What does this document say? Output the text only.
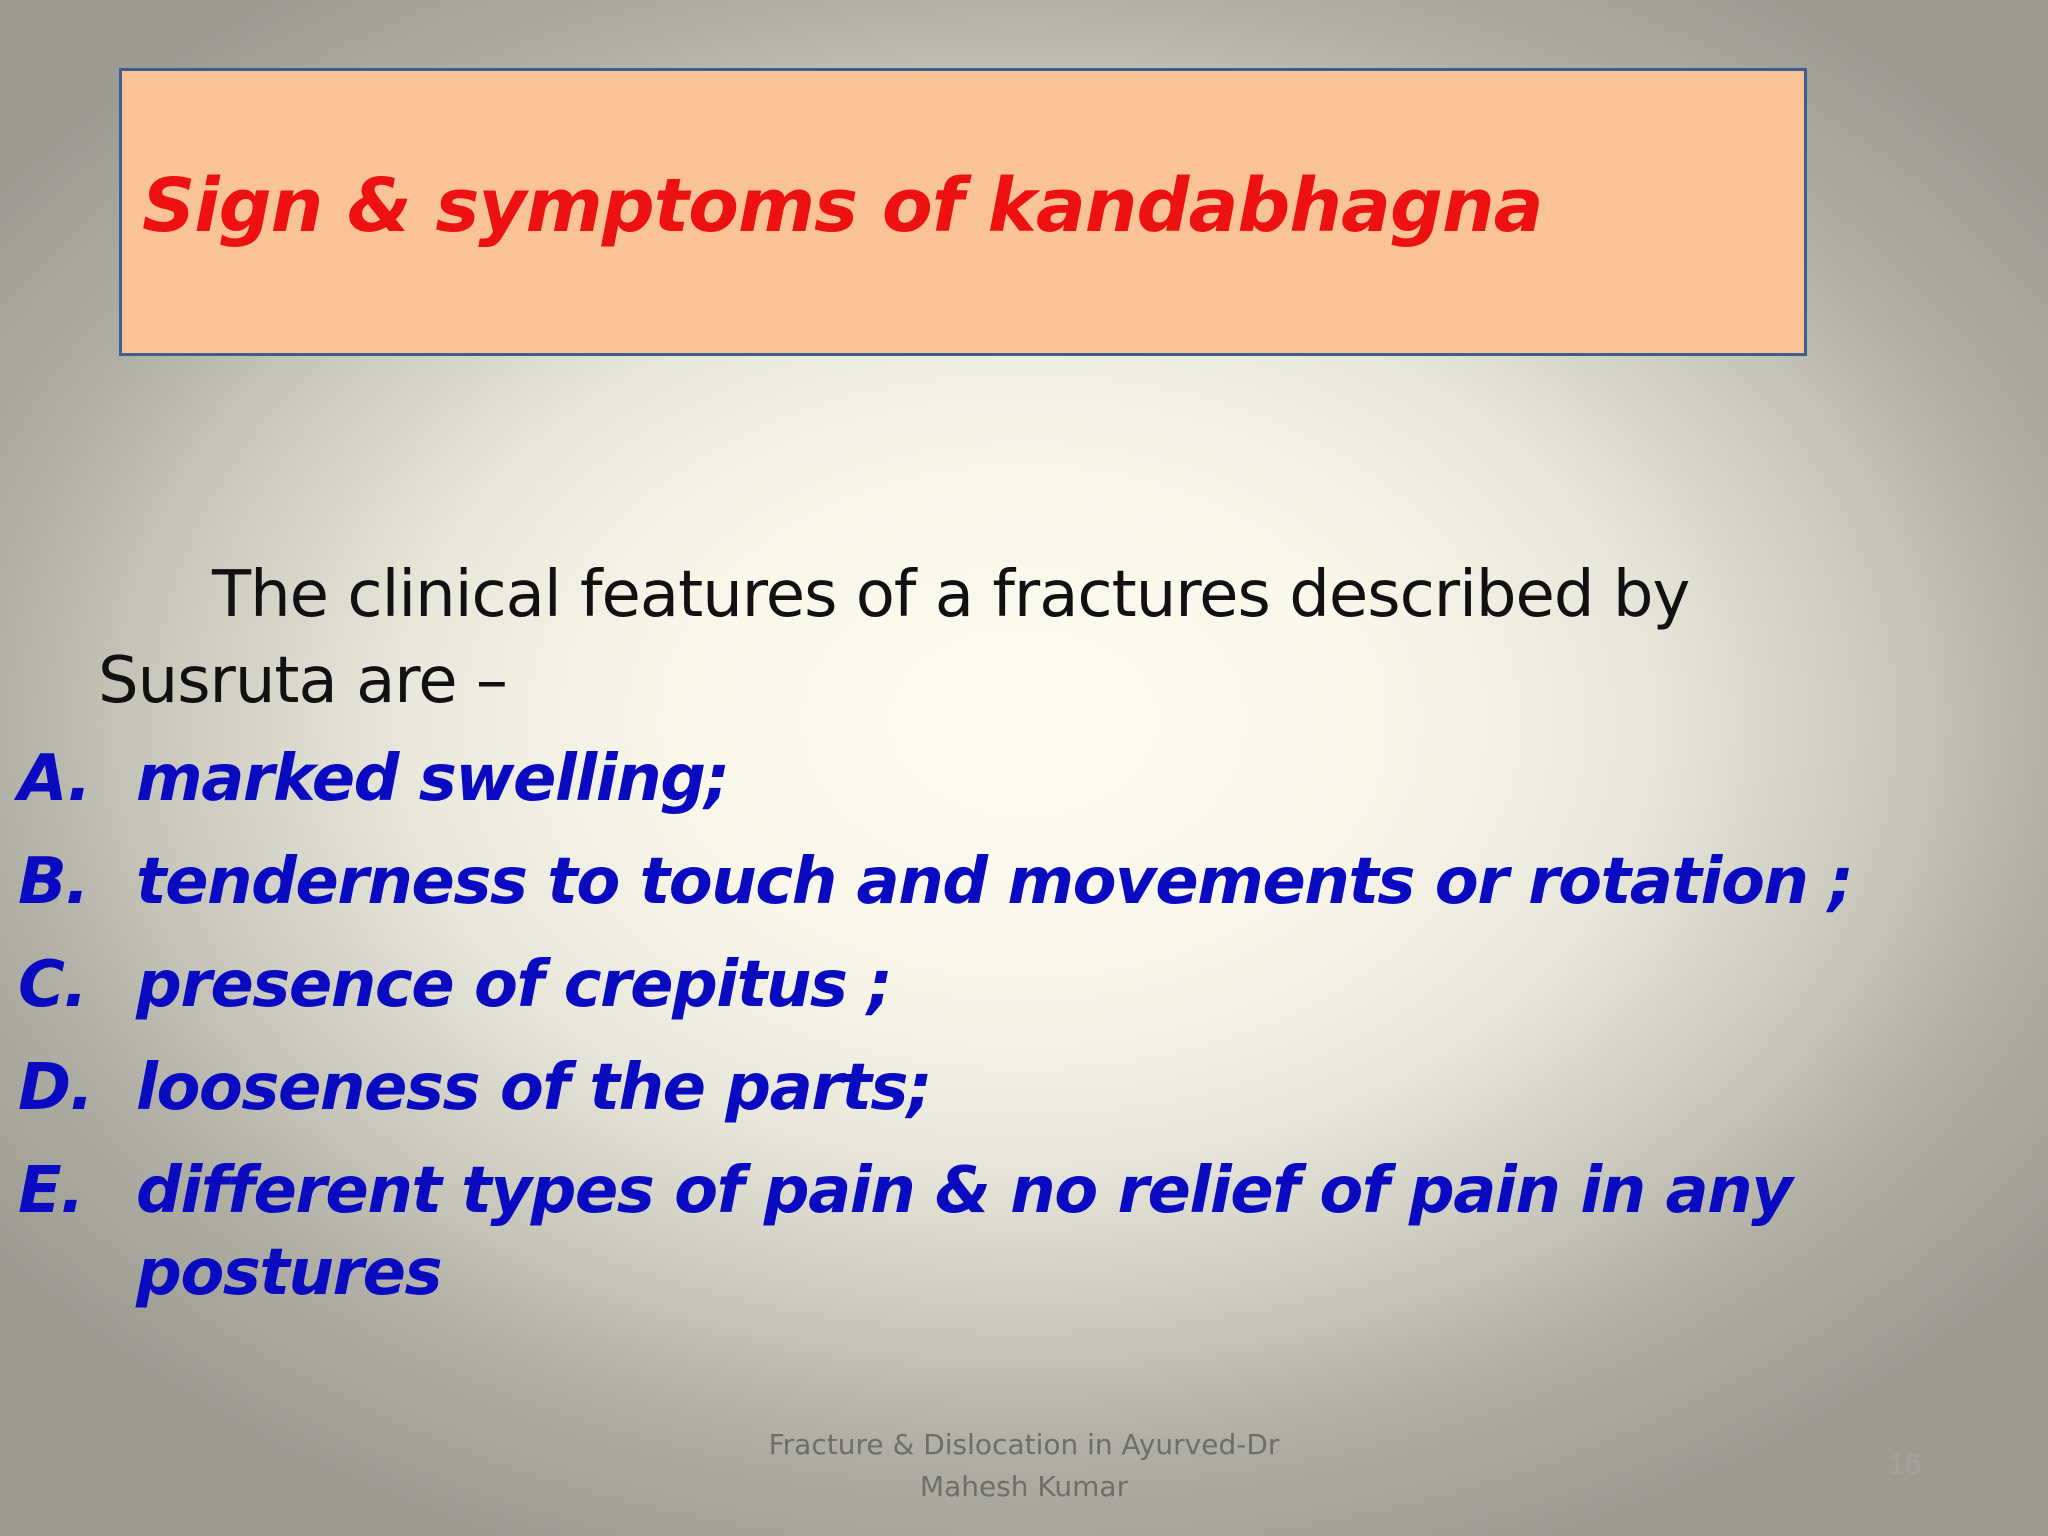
Sign & symptoms of kandabhagna

The clinical features of a fractures described by
Susruta are –

A. marked swelling;
B. tenderness to touch and movements or rotation ;
C. presence of crepitus ;
D. looseness of the parts;
E. different types of pain & no relief of pain in any postures
15-09-2020
Fracture & Dislocation in Ayurved-Dr
Mahesh Kumar
16
